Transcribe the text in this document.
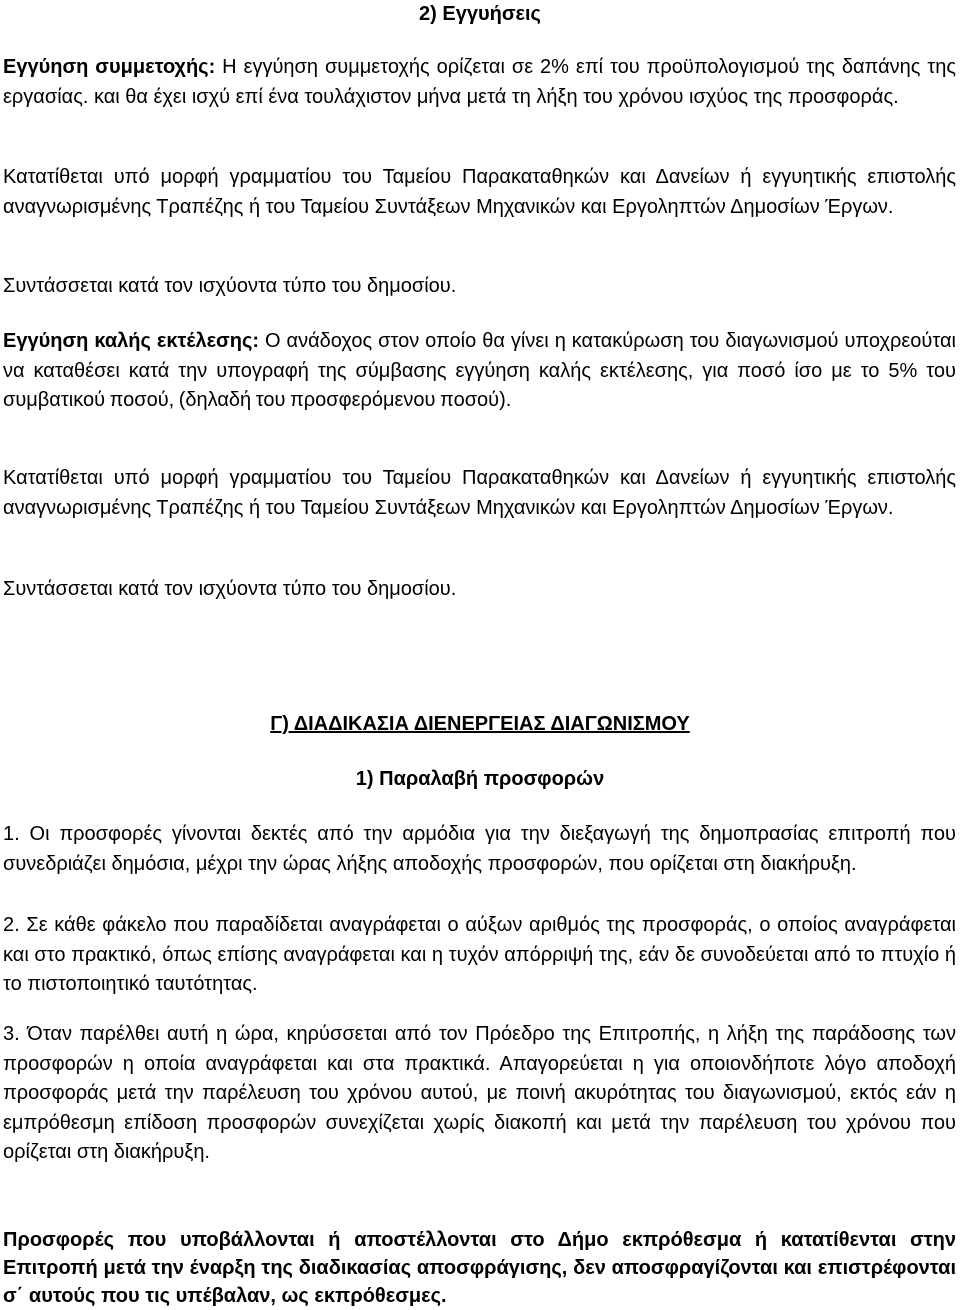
2) Εγγυήσεις

Εγγύηση συμμετοχής: Η εγγύηση συμμετοχής ορίζεται σε 2% επί του προϋπολογισμού της δαπάνης της εργασίας. και θα έχει ισχύ επί ένα τουλάχιστον μήνα μετά τη λήξη του χρόνου ισχύος της προσφοράς.

Κατατίθεται υπό μορφή γραμματίου του Ταμείου Παρακαταθηκών και Δανείων ή εγγυητικής επιστολής αναγνωρισμένης Τραπέζης ή του Ταμείου Συντάξεων Μηχανικών και Εργοληπτών Δημοσίων Έργων.

Συντάσσεται κατά τον ισχύοντα τύπο του δημοσίου.

Εγγύηση καλής εκτέλεσης: Ο ανάδοχος στον οποίο θα γίνει η κατακύρωση του διαγωνισμού υποχρεούται να καταθέσει κατά την υπογραφή της σύμβασης εγγύηση καλής εκτέλεσης, για ποσό ίσο με το 5% του συμβατικού ποσού, (δηλαδή του προσφερόμενου ποσού).

Κατατίθεται υπό μορφή γραμματίου του Ταμείου Παρακαταθηκών και Δανείων ή εγγυητικής επιστολής αναγνωρισμένης Τραπέζης ή του Ταμείου Συντάξεων Μηχανικών και Εργοληπτών Δημοσίων Έργων.

Συντάσσεται κατά τον ισχύοντα τύπο του δημοσίου.

Γ) ΔΙΑΔΙΚΑΣΙΑ ΔΙΕΝΕΡΓΕΙΑΣ ΔΙΑΓΩΝΙΣΜΟΥ

1) Παραλαβή προσφορών

1. Οι προσφορές γίνονται δεκτές από την αρμόδια για την διεξαγωγή της δημοπρασίας επιτροπή που συνεδριάζει δημόσια, μέχρι την ώρας λήξης αποδοχής προσφορών, που ορίζεται στη διακήρυξη.

2. Σε κάθε φάκελο που παραδίδεται αναγράφεται ο αύξων αριθμός της προσφοράς, ο οποίος αναγράφεται και στο πρακτικό, όπως επίσης αναγράφεται και η τυχόν απόρριψή της, εάν δε συνοδεύεται από το πτυχίο ή το πιστοποιητικό ταυτότητας.

3. Όταν παρέλθει αυτή η ώρα, κηρύσσεται από τον Πρόεδρο της Επιτροπής, η λήξη της παράδοσης των προσφορών η οποία αναγράφεται και στα πρακτικά. Απαγορεύεται η για οποιονδήποτε λόγο αποδοχή προσφοράς μετά την παρέλευση του χρόνου αυτού, με ποινή ακυρότητας του διαγωνισμού, εκτός εάν η εμπρόθεσμη επίδοση προσφορών συνεχίζεται χωρίς διακοπή και μετά την παρέλευση του χρόνου που ορίζεται στη διακήρυξη.

Προσφορές που υποβάλλονται ή αποστέλλονται στο Δήμο εκπρόθεσμα ή κατατίθενται στην Επιτροπή μετά την έναρξη της διαδικασίας αποσφράγισης, δεν αποσφραγίζονται και επιστρέφονται σ΄ αυτούς που τις υπέβαλαν, ως εκπρόθεσμες.
